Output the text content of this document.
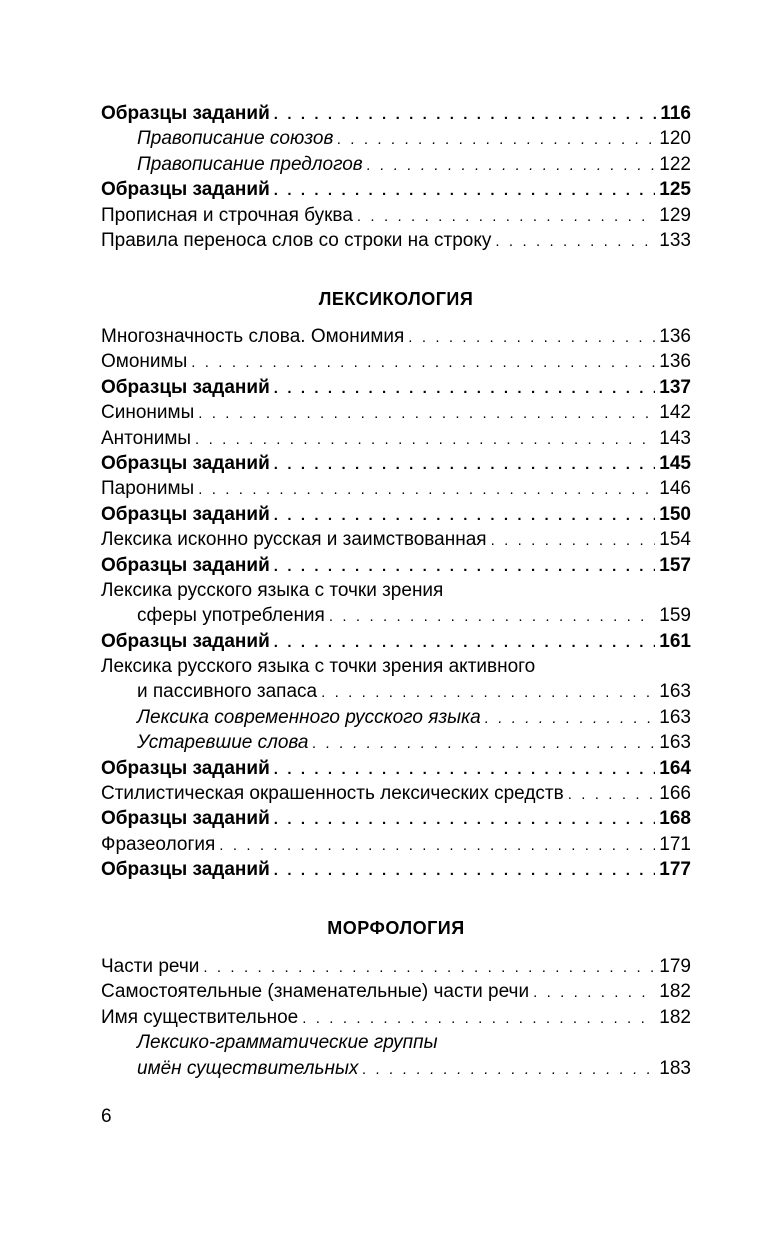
Образцы заданий . . .	116
Правописание союзов . . .	120
Правописание предлогов . . .	122
Образцы заданий . . .	125
Прописная и строчная буква . . .	129
Правила переноса слов со строки на строку . . .	133
ЛЕКСИКОЛОГИЯ
Многозначность слова. Омонимия . . .	136
Омонимы . . .	136
Образцы заданий . . .	137
Синонимы . . .	142
Антонимы . . .	143
Образцы заданий . . .	145
Паронимы . . .	146
Образцы заданий . . .	150
Лексика исконно русская и заимствованная . . .	154
Образцы заданий . . .	157
Лексика русского языка с точки зрения
сферы употребления . . .	159
Образцы заданий . . .	161
Лексика русского языка с точки зрения активного
и пассивного запаса . . .	163
Лексика современного русского языка . . .	163
Устаревшие слова . . .	163
Образцы заданий . . .	164
Стилистическая окрашенность лексических средств . . .	166
Образцы заданий . . .	168
Фразеология . . .	171
Образцы заданий . . .	177
МОРФОЛОГИЯ
Части речи . . .	179
Самостоятельные (знаменательные) части речи . . .	182
Имя существительное . . .	182
Лексико-грамматические группы
имён существительных . . .	183
6
